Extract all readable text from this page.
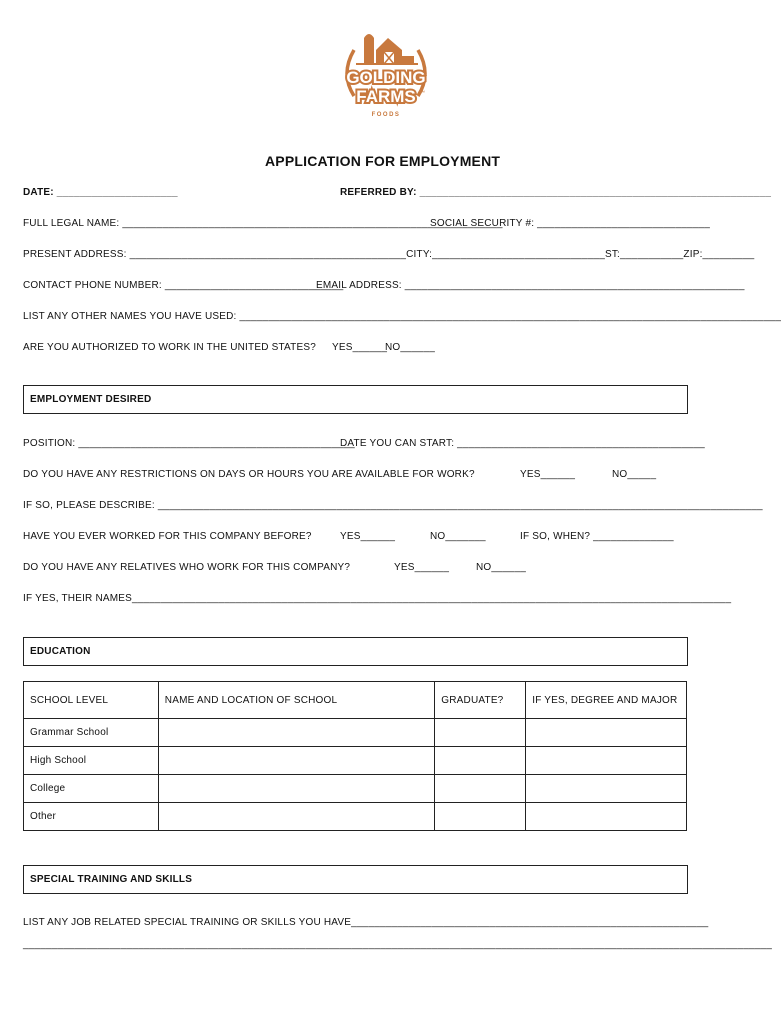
GOLDING
FARMS ™
FOODS
APPLICATION FOR EMPLOYMENT
DATE: _____________________	REFERRED BY: _____________________________________________________________
FULL LEGAL NAME: __________________________________________________________________
SOCIAL SECURITY #: ______________________________
PRESENT ADDRESS: ________________________________________________CITY:______________________________ST:___________ZIP:_________
CONTACT PHONE NUMBER: _______________________________
EMAIL ADDRESS: ___________________________________________________________
LIST ANY OTHER NAMES YOU HAVE USED: ______________________________________________________________________________________________
ARE YOU AUTHORIZED TO WORK IN THE UNITED STATES? YES______
NO______
EMPLOYMENT DESIRED
POSITION: ________________________________________________
DATE YOU CAN START: ___________________________________________
DO YOU HAVE ANY RESTRICTIONS ON DAYS OR HOURS YOU ARE AVAILABLE FOR WORK?	YES______	NO_____
IF SO, PLEASE DESCRIBE: _________________________________________________________________________________________________________
HAVE YOU EVER WORKED FOR THIS COMPANY BEFORE?	YES______	NO_______	IF SO, WHEN? ______________
DO YOU HAVE ANY RELATIVES WHO WORK FOR THIS COMPANY?	YES______	NO______
IF YES, THEIR NAMES________________________________________________________________________________________________________
EDUCATION
SCHOOL LEVEL	NAME AND LOCATION OF SCHOOL	GRADUATE?	IF YES, DEGREE AND MAJOR
Grammar School			
High School			
College			
Other			
SPECIAL TRAINING AND SKILLS
LIST ANY JOB RELATED SPECIAL TRAINING OR SKILLS YOU HAVE______________________________________________________________
__________________________________________________________________________________________________________________________________
